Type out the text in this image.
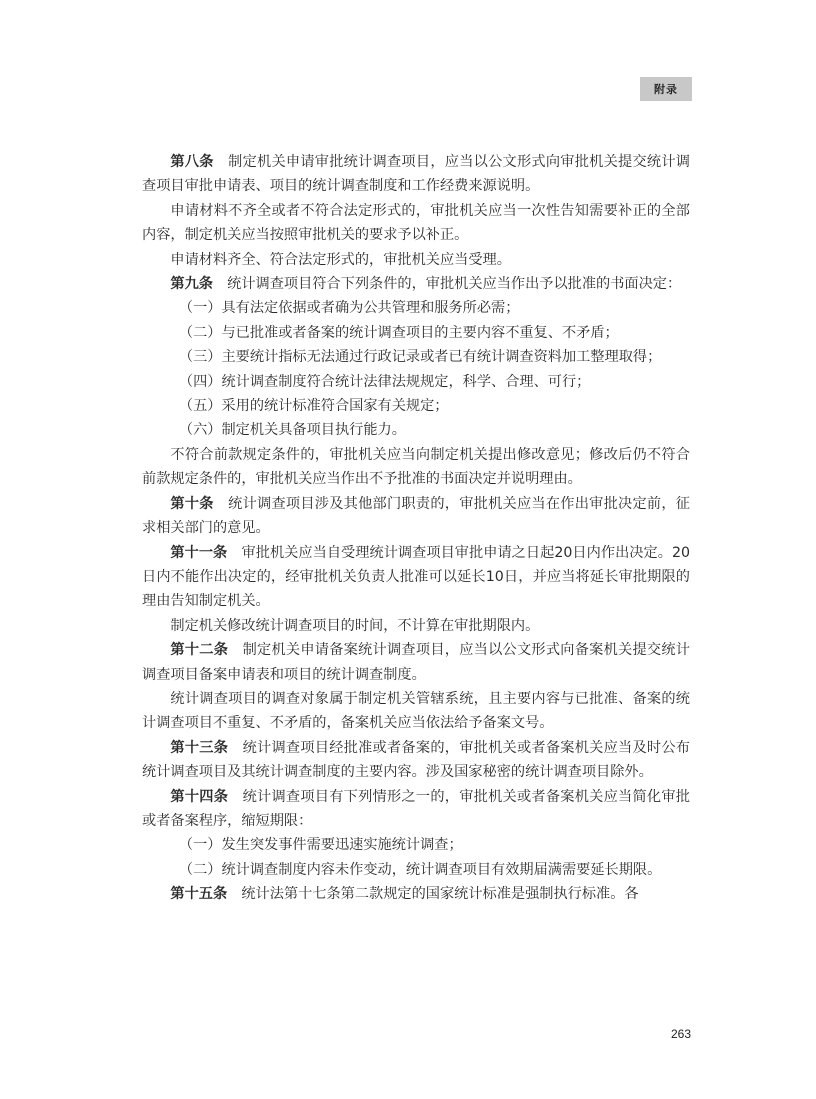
附录

第八条　制定机关申请审批统计调查项目，应当以公文形式向审批机关提交统计调查项目审批申请表、项目的统计调查制度和工作经费来源说明。

申请材料不齐全或者不符合法定形式的，审批机关应当一次性告知需要补正的全部内容，制定机关应当按照审批机关的要求予以补正。

申请材料齐全、符合法定形式的，审批机关应当受理。

第九条　统计调查项目符合下列条件的，审批机关应当作出予以批准的书面决定：

（一）具有法定依据或者确为公共管理和服务所必需；

（二）与已批准或者备案的统计调查项目的主要内容不重复、不矛盾；

（三）主要统计指标无法通过行政记录或者已有统计调查资料加工整理取得；

（四）统计调查制度符合统计法律法规规定，科学、合理、可行；

（五）采用的统计标准符合国家有关规定；

（六）制定机关具备项目执行能力。

不符合前款规定条件的，审批机关应当向制定机关提出修改意见；修改后仍不符合前款规定条件的，审批机关应当作出不予批准的书面决定并说明理由。

第十条　统计调查项目涉及其他部门职责的，审批机关应当在作出审批决定前，征求相关部门的意见。

第十一条　审批机关应当自受理统计调查项目审批申请之日起20日内作出决定。20日内不能作出决定的，经审批机关负责人批准可以延长10日，并应当将延长审批期限的理由告知制定机关。

制定机关修改统计调查项目的时间，不计算在审批期限内。

第十二条　制定机关申请备案统计调查项目，应当以公文形式向备案机关提交统计调查项目备案申请表和项目的统计调查制度。

统计调查项目的调查对象属于制定机关管辖系统，且主要内容与已批准、备案的统计调查项目不重复、不矛盾的，备案机关应当依法给予备案文号。

第十三条　统计调查项目经批准或者备案的，审批机关或者备案机关应当及时公布统计调查项目及其统计调查制度的主要内容。涉及国家秘密的统计调查项目除外。

第十四条　统计调查项目有下列情形之一的，审批机关或者备案机关应当简化审批或者备案程序，缩短期限：

（一）发生突发事件需要迅速实施统计调查；

（二）统计调查制度内容未作变动，统计调查项目有效期届满需要延长期限。

第十五条　统计法第十七条第二款规定的国家统计标准是强制执行标准。各

263
